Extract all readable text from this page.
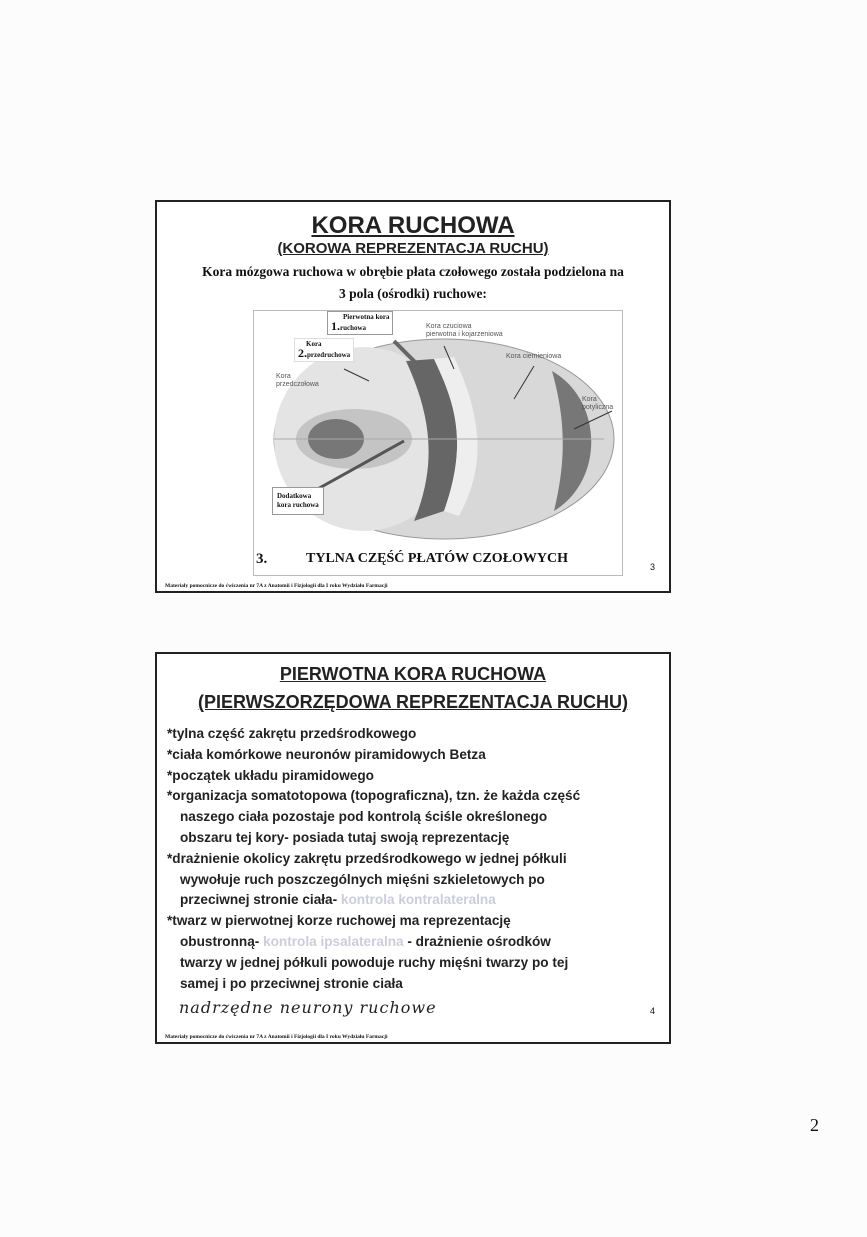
KORA RUCHOWA
(KOROWA REPREZENTACJA RUCHU)
Kora mózgowa ruchowa w obrębie płata czołowego została podzielona na
3 pola (ośrodki) ruchowe:
Pierwotna kora
1.ruchowa
Kora
2.przedruchowa
Dodatkowa
kora ruchowa
Kora czuciowa
pierwotna i kojarzeniowa
Kora ciemieniowa
Kora
przedczołowa
Kora
potyliczna
3.	TYLNA CZĘŚĆ PŁATÓW CZOŁOWYCH
3
Materiały pomocnicze do ćwiczenia nr 7A z Anatomii i Fizjologii dla I roku Wydziału Farmacji
PIERWOTNA KORA RUCHOWA
(PIERWSZORZĘDOWA REPREZENTACJA RUCHU)

*tylna część zakrętu przedśrodkowego

*ciała komórkowe neuronów piramidowych Betza

*początek układu piramidowego

*organizacja somatotopowa (topograficzna), tzn. że każda część

naszego ciała pozostaje pod kontrolą ściśle określonego

obszaru tej kory- posiada tutaj swoją reprezentację

*drażnienie okolicy zakrętu przedśrodkowego w jednej półkuli

wywołuje ruch poszczególnych mięśni szkieletowych po

przeciwnej stronie ciała- kontrola kontralateralna

*twarz w pierwotnej korze ruchowej ma reprezentację

obustronną- kontrola ipsalateralna - drażnienie ośrodków

twarzy w jednej półkuli powoduje ruchy mięśni twarzy po tej

samej i po przeciwnej stronie ciała

nadrzędne neurony ruchowe	4
Materiały pomocnicze do ćwiczenia nr 7A z Anatomii i Fizjologii dla I roku Wydziału Farmacji
2
